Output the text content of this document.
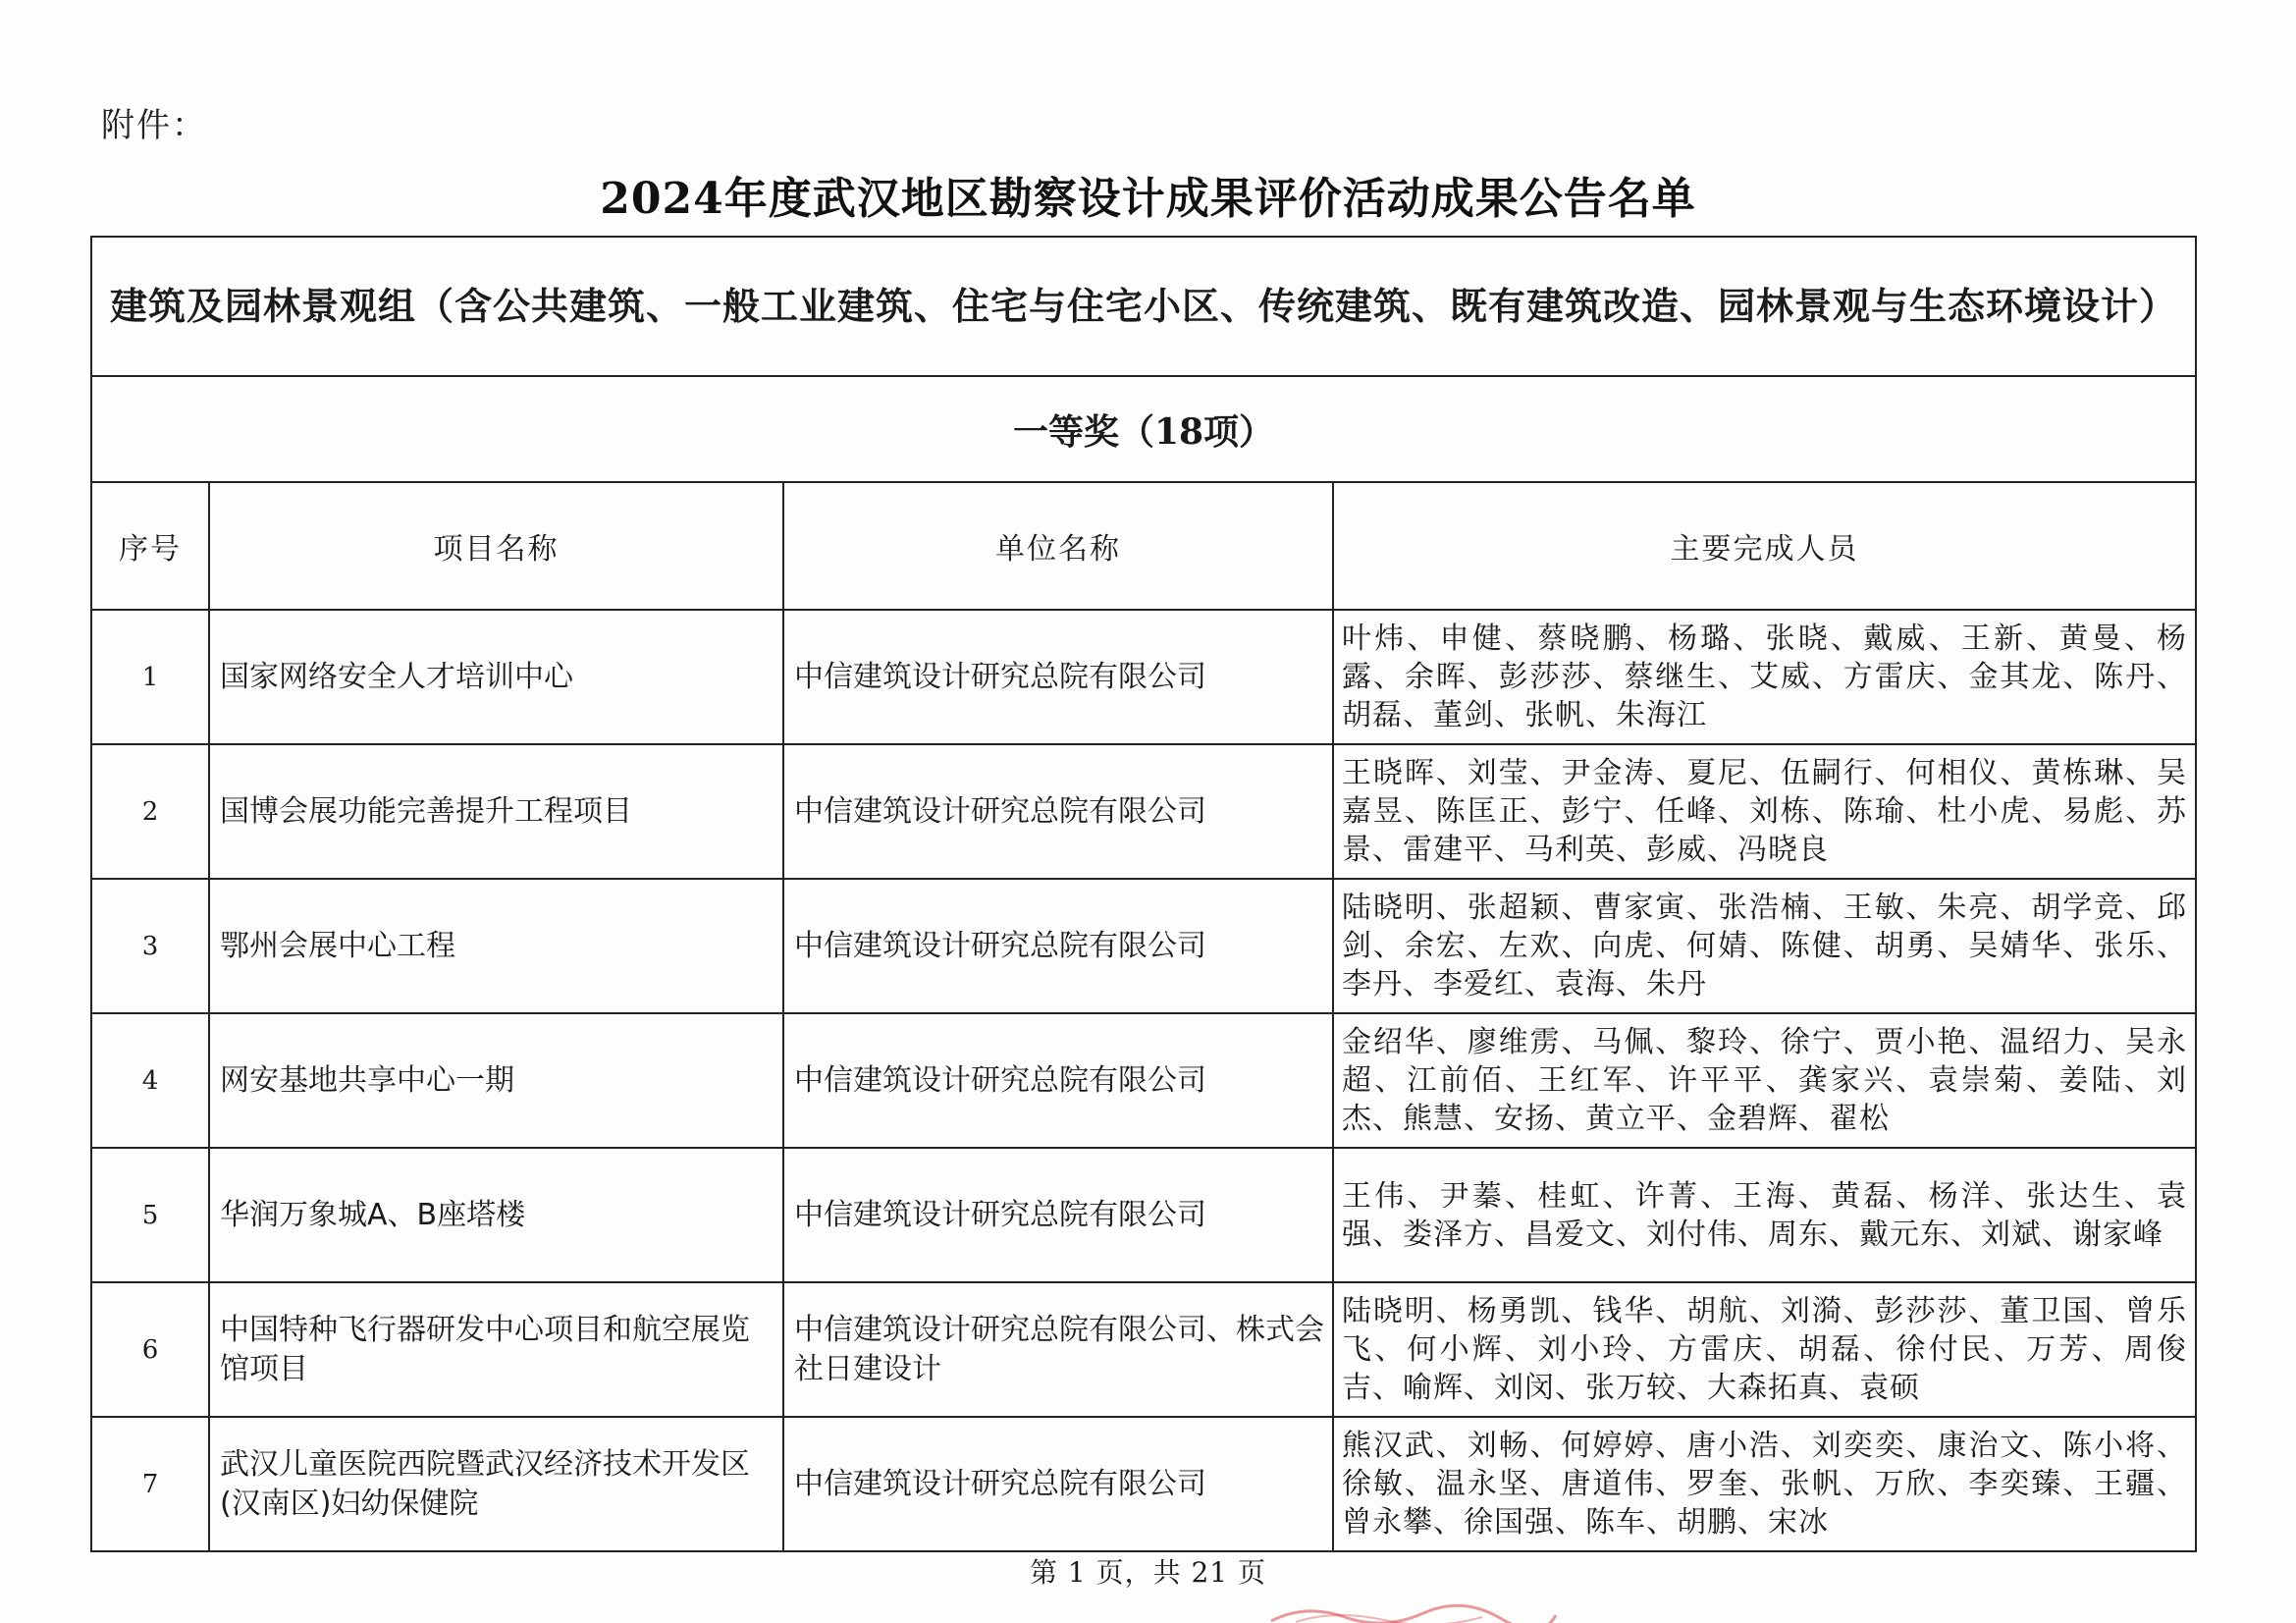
附件：
2024年度武汉地区勘察设计成果评价活动成果公告名单
建筑及园林景观组（含公共建筑、一般工业建筑、住宅与住宅小区、传统建筑、既有建筑改造、园林景观与生态环境设计）			
一等奖（18项）			
序号	项目名称	单位名称	主要完成人员
1	国家网络安全人才培训中心	中信建筑设计研究总院有限公司	叶炜、申健、蔡晓鹏、杨璐、张晓、戴威、王新、黄曼、杨露、余晖、彭莎莎、蔡继生、艾威、方雷庆、金其龙、陈丹、胡磊、董剑、张帆、朱海江
2	国博会展功能完善提升工程项目	中信建筑设计研究总院有限公司	王晓晖、刘莹、尹金涛、夏尼、伍嗣行、何相仪、黄栋琳、吴嘉昱、陈匡正、彭宁、任峰、刘栋、陈瑜、杜小虎、易彪、苏景、雷建平、马利英、彭威、冯晓良
3	鄂州会展中心工程	中信建筑设计研究总院有限公司	陆晓明、张超颖、曹家寅、张浩楠、王敏、朱亮、胡学竞、邱剑、余宏、左欢、向虎、何婧、陈健、胡勇、吴婧华、张乐、李丹、李爱红、袁海、朱丹
4	网安基地共享中心一期	中信建筑设计研究总院有限公司	金绍华、廖维雳、马佩、黎玲、徐宁、贾小艳、温绍力、吴永超、江前佰、王红军、许平平、龚家兴、袁崇菊、姜陆、刘杰、熊慧、安扬、黄立平、金碧辉、翟松
5	华润万象城A、B座塔楼	中信建筑设计研究总院有限公司	王伟、尹蓁、桂虹、许菁、王海、黄磊、杨洋、张达生、袁强、娄泽方、昌爱文、刘付伟、周东、戴元东、刘斌、谢家峰
6	中国特种飞行器研发中心项目和航空展览馆项目	中信建筑设计研究总院有限公司、株式会社日建设计	陆晓明、杨勇凯、钱华、胡航、刘漪、彭莎莎、董卫国、曾乐飞、何小辉、刘小玲、方雷庆、胡磊、徐付民、万芳、周俊吉、喻辉、刘闵、张万较、大森拓真、袁硕
7	武汉儿童医院西院暨武汉经济技术开发区(汉南区)妇幼保健院	中信建筑设计研究总院有限公司	熊汉武、刘畅、何婷婷、唐小浩、刘奕奕、康治文、陈小将、徐敏、温永坚、唐道伟、罗奎、张帆、万欣、李奕臻、王疆、曾永攀、徐国强、陈车、胡鹏、宋冰
第 1 页，共 21 页
